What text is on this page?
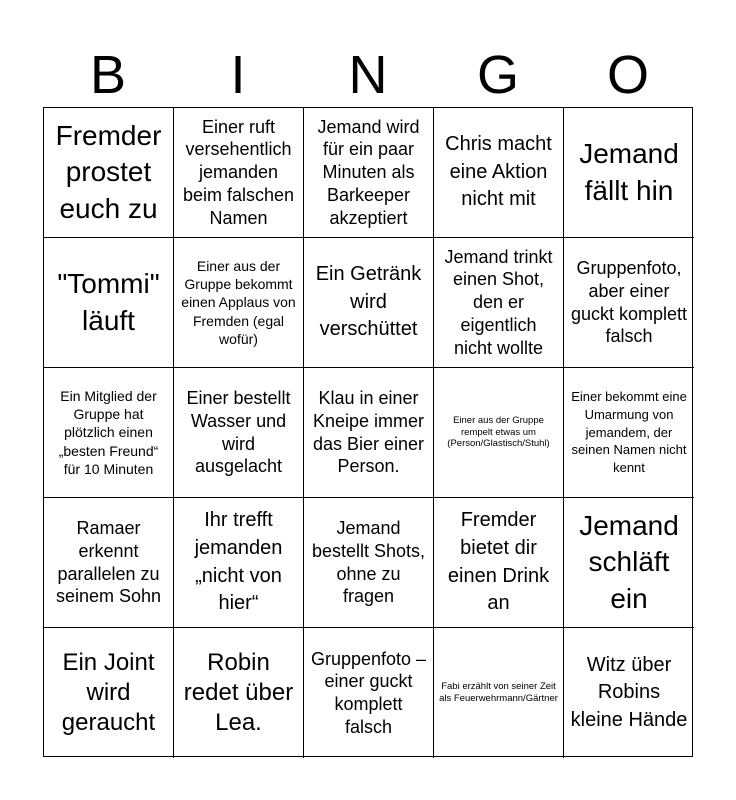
B	I	N	G	O
Fremder prostet euch zu
Einer ruft versehentlich jemanden beim falschen Namen
Jemand wird für ein paar Minuten als Barkeeper akzeptiert
Chris macht eine Aktion nicht mit
Jemand fällt hin
"Tommi" läuft
Einer aus der Gruppe bekommt einen Applaus von Fremden (egal wofür)
Ein Getränk wird verschüttet
Jemand trinkt einen Shot, den er eigentlich nicht wollte
Gruppenfoto, aber einer guckt komplett falsch
Ein Mitglied der Gruppe hat plötzlich einen „besten Freund“ für 10 Minuten
Einer bestellt Wasser und wird ausgelacht
Klau in einer Kneipe immer das Bier einer Person.
Einer aus der Gruppe rempelt etwas um (Person/Glastisch/Stuhl)
Einer bekommt eine Umarmung von jemandem, der seinen Namen nicht kennt
Ramaer erkennt parallelen zu seinem Sohn
Ihr trefft jemanden „nicht von hier“
Jemand bestellt Shots, ohne zu fragen
Fremder bietet dir einen Drink an
Jemand schläft ein
Ein Joint wird geraucht
Robin redet über Lea.
Gruppenfoto – einer guckt komplett falsch
Fabi erzählt von seiner Zeit als Feuerwehrmann/Gärtner
Witz über Robins kleine Hände
